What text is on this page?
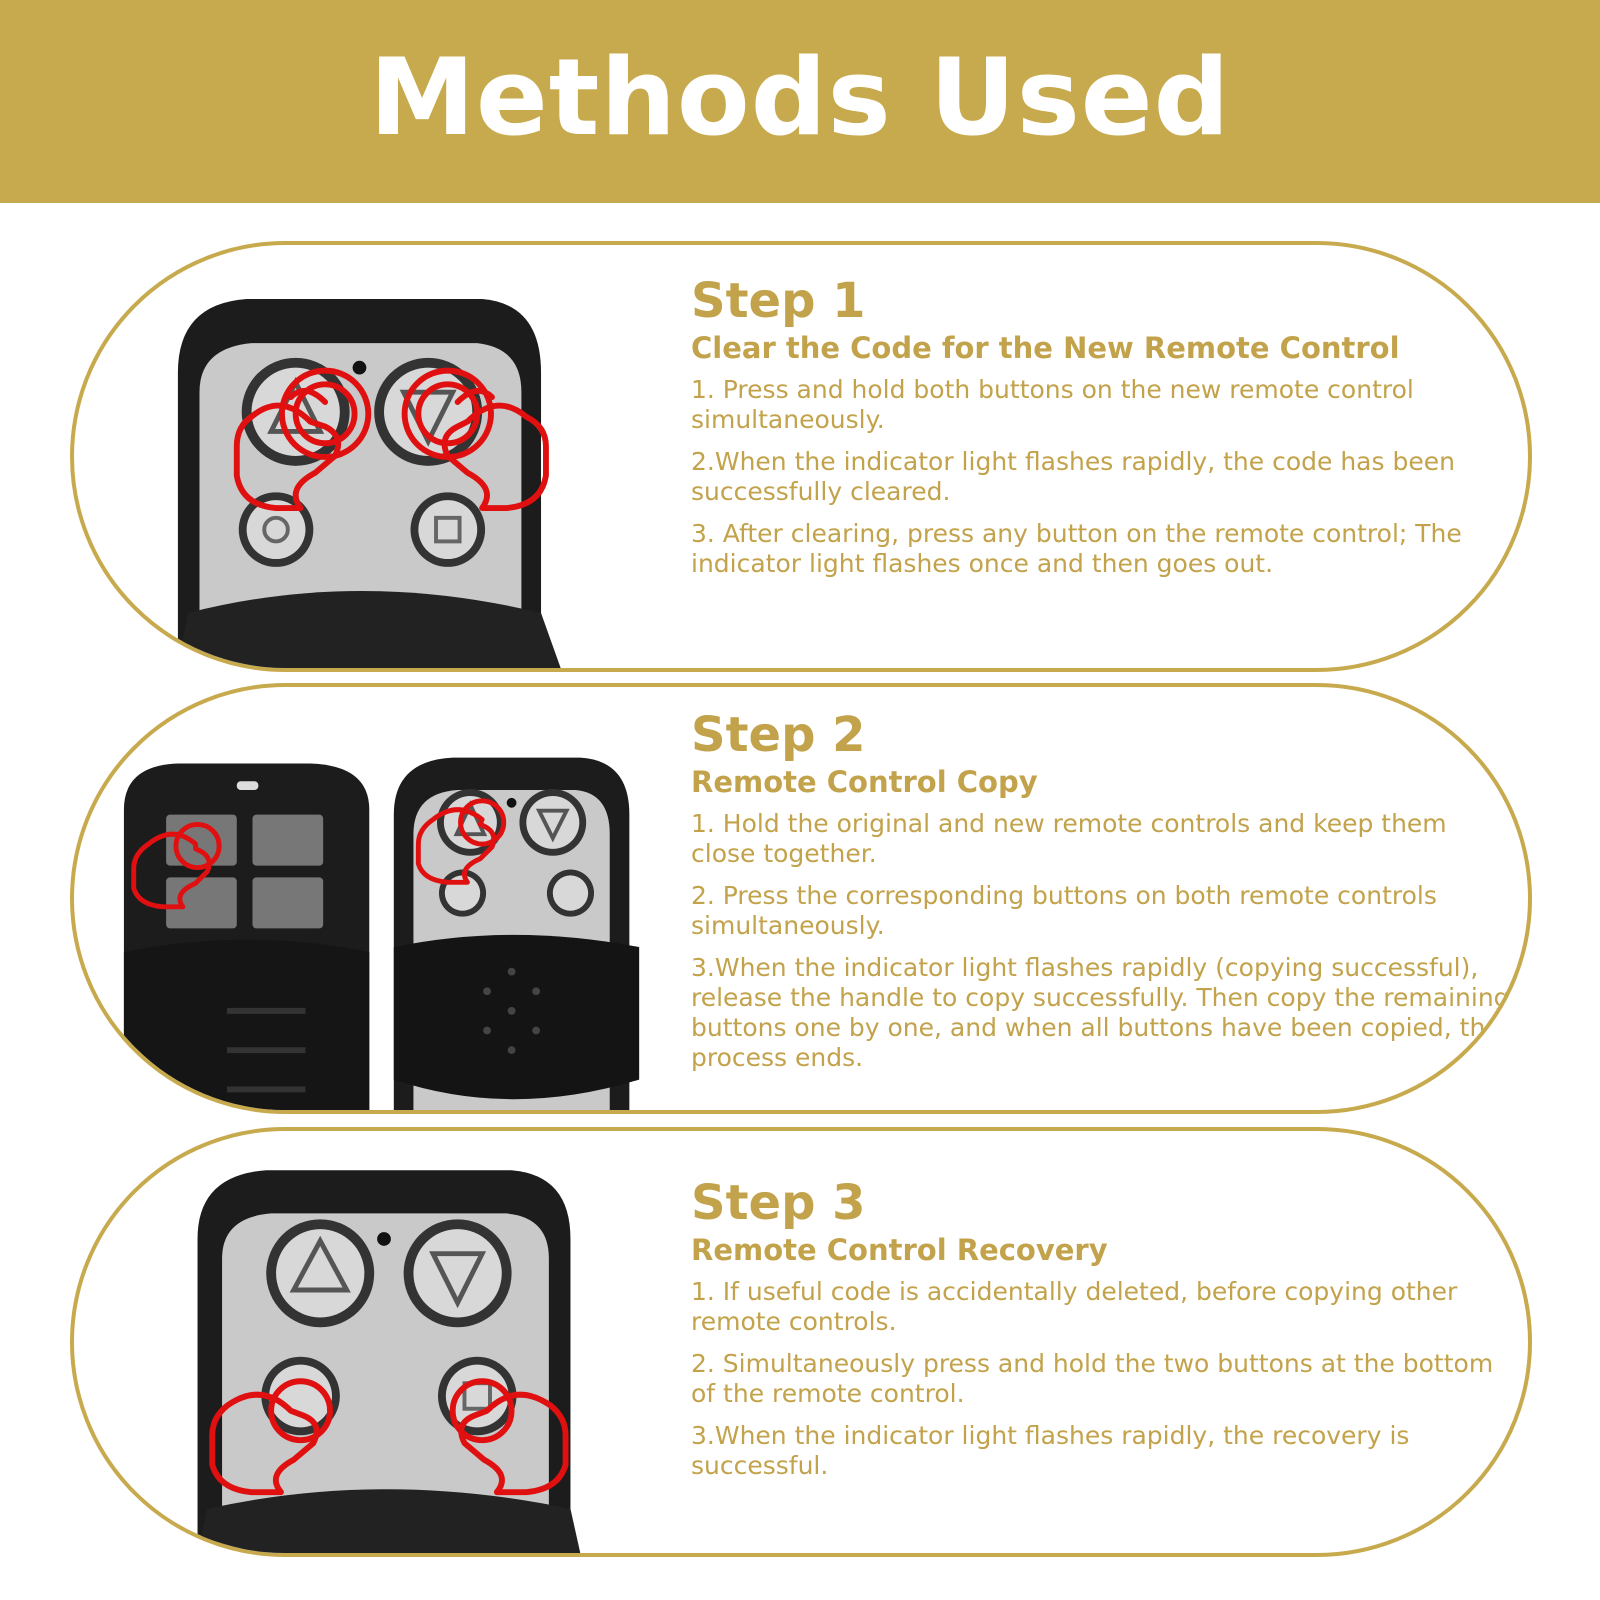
Methods Used
Step 1
Clear the Code for the New Remote Control

1. Press and hold both buttons on the new remote control simultaneously.

2.When the indicator light flashes rapidly, the code has been successfully cleared.

3. After clearing, press any button on the remote control; The indicator light flashes once and then goes out.

Step 2
Remote Control Copy

1. Hold the original and new remote controls and keep them close together.

2. Press the corresponding buttons on both remote controls simultaneously.

3.When the indicator light flashes rapidly (copying successful), release the handle to copy successfully. Then copy the remaining buttons one by one, and when all buttons have been copied, the process ends.

Step 3
Remote Control Recovery

1. If useful code is accidentally deleted, before copying other remote controls.

2. Simultaneously press and hold the two buttons at the bottom of the remote control.

3.When the indicator light flashes rapidly, the recovery is successful.
